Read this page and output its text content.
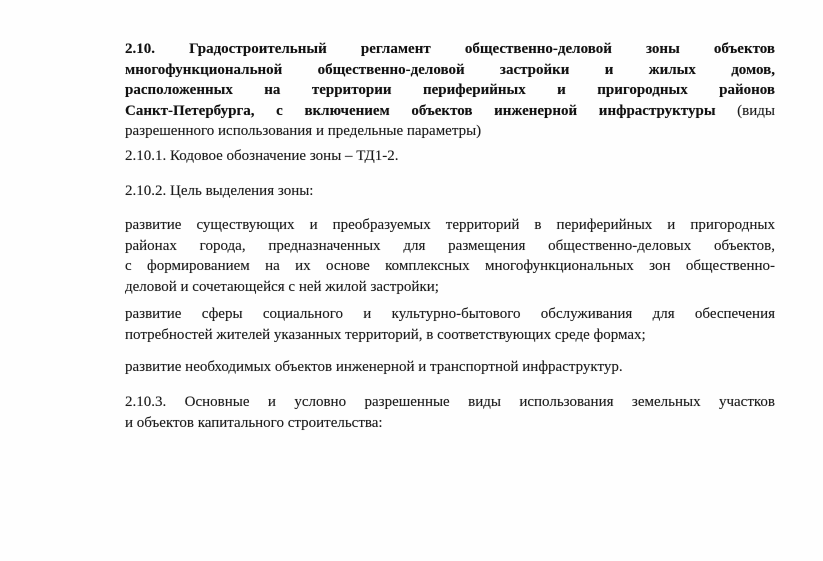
2.10. Градостроительный регламент общественно-деловой зоны объектов
многофункциональной общественно-деловой застройки и жилых домов,
расположенных на территории периферийных и пригородных районов
Санкт-Петербурга, с включением объектов инженерной инфраструктуры (виды
разрешенного использования и предельные параметры)
2.10.1. Кодовое обозначение зоны – ТД1-2.
2.10.2. Цель выделения зоны:
развитие существующих и преобразуемых территорий в периферийных и пригородных
районах города, предназначенных для размещения общественно-деловых объектов,
с формированием на их основе комплексных многофункциональных зон общественно-
деловой и сочетающейся с ней жилой застройки;
развитие сферы социального и культурно-бытового обслуживания для обеспечения
потребностей жителей указанных территорий, в соответствующих среде формах;
развитие необходимых объектов инженерной и транспортной инфраструктур.
2.10.3. Основные и условно разрешенные виды использования земельных участков
и объектов капитального строительства:
